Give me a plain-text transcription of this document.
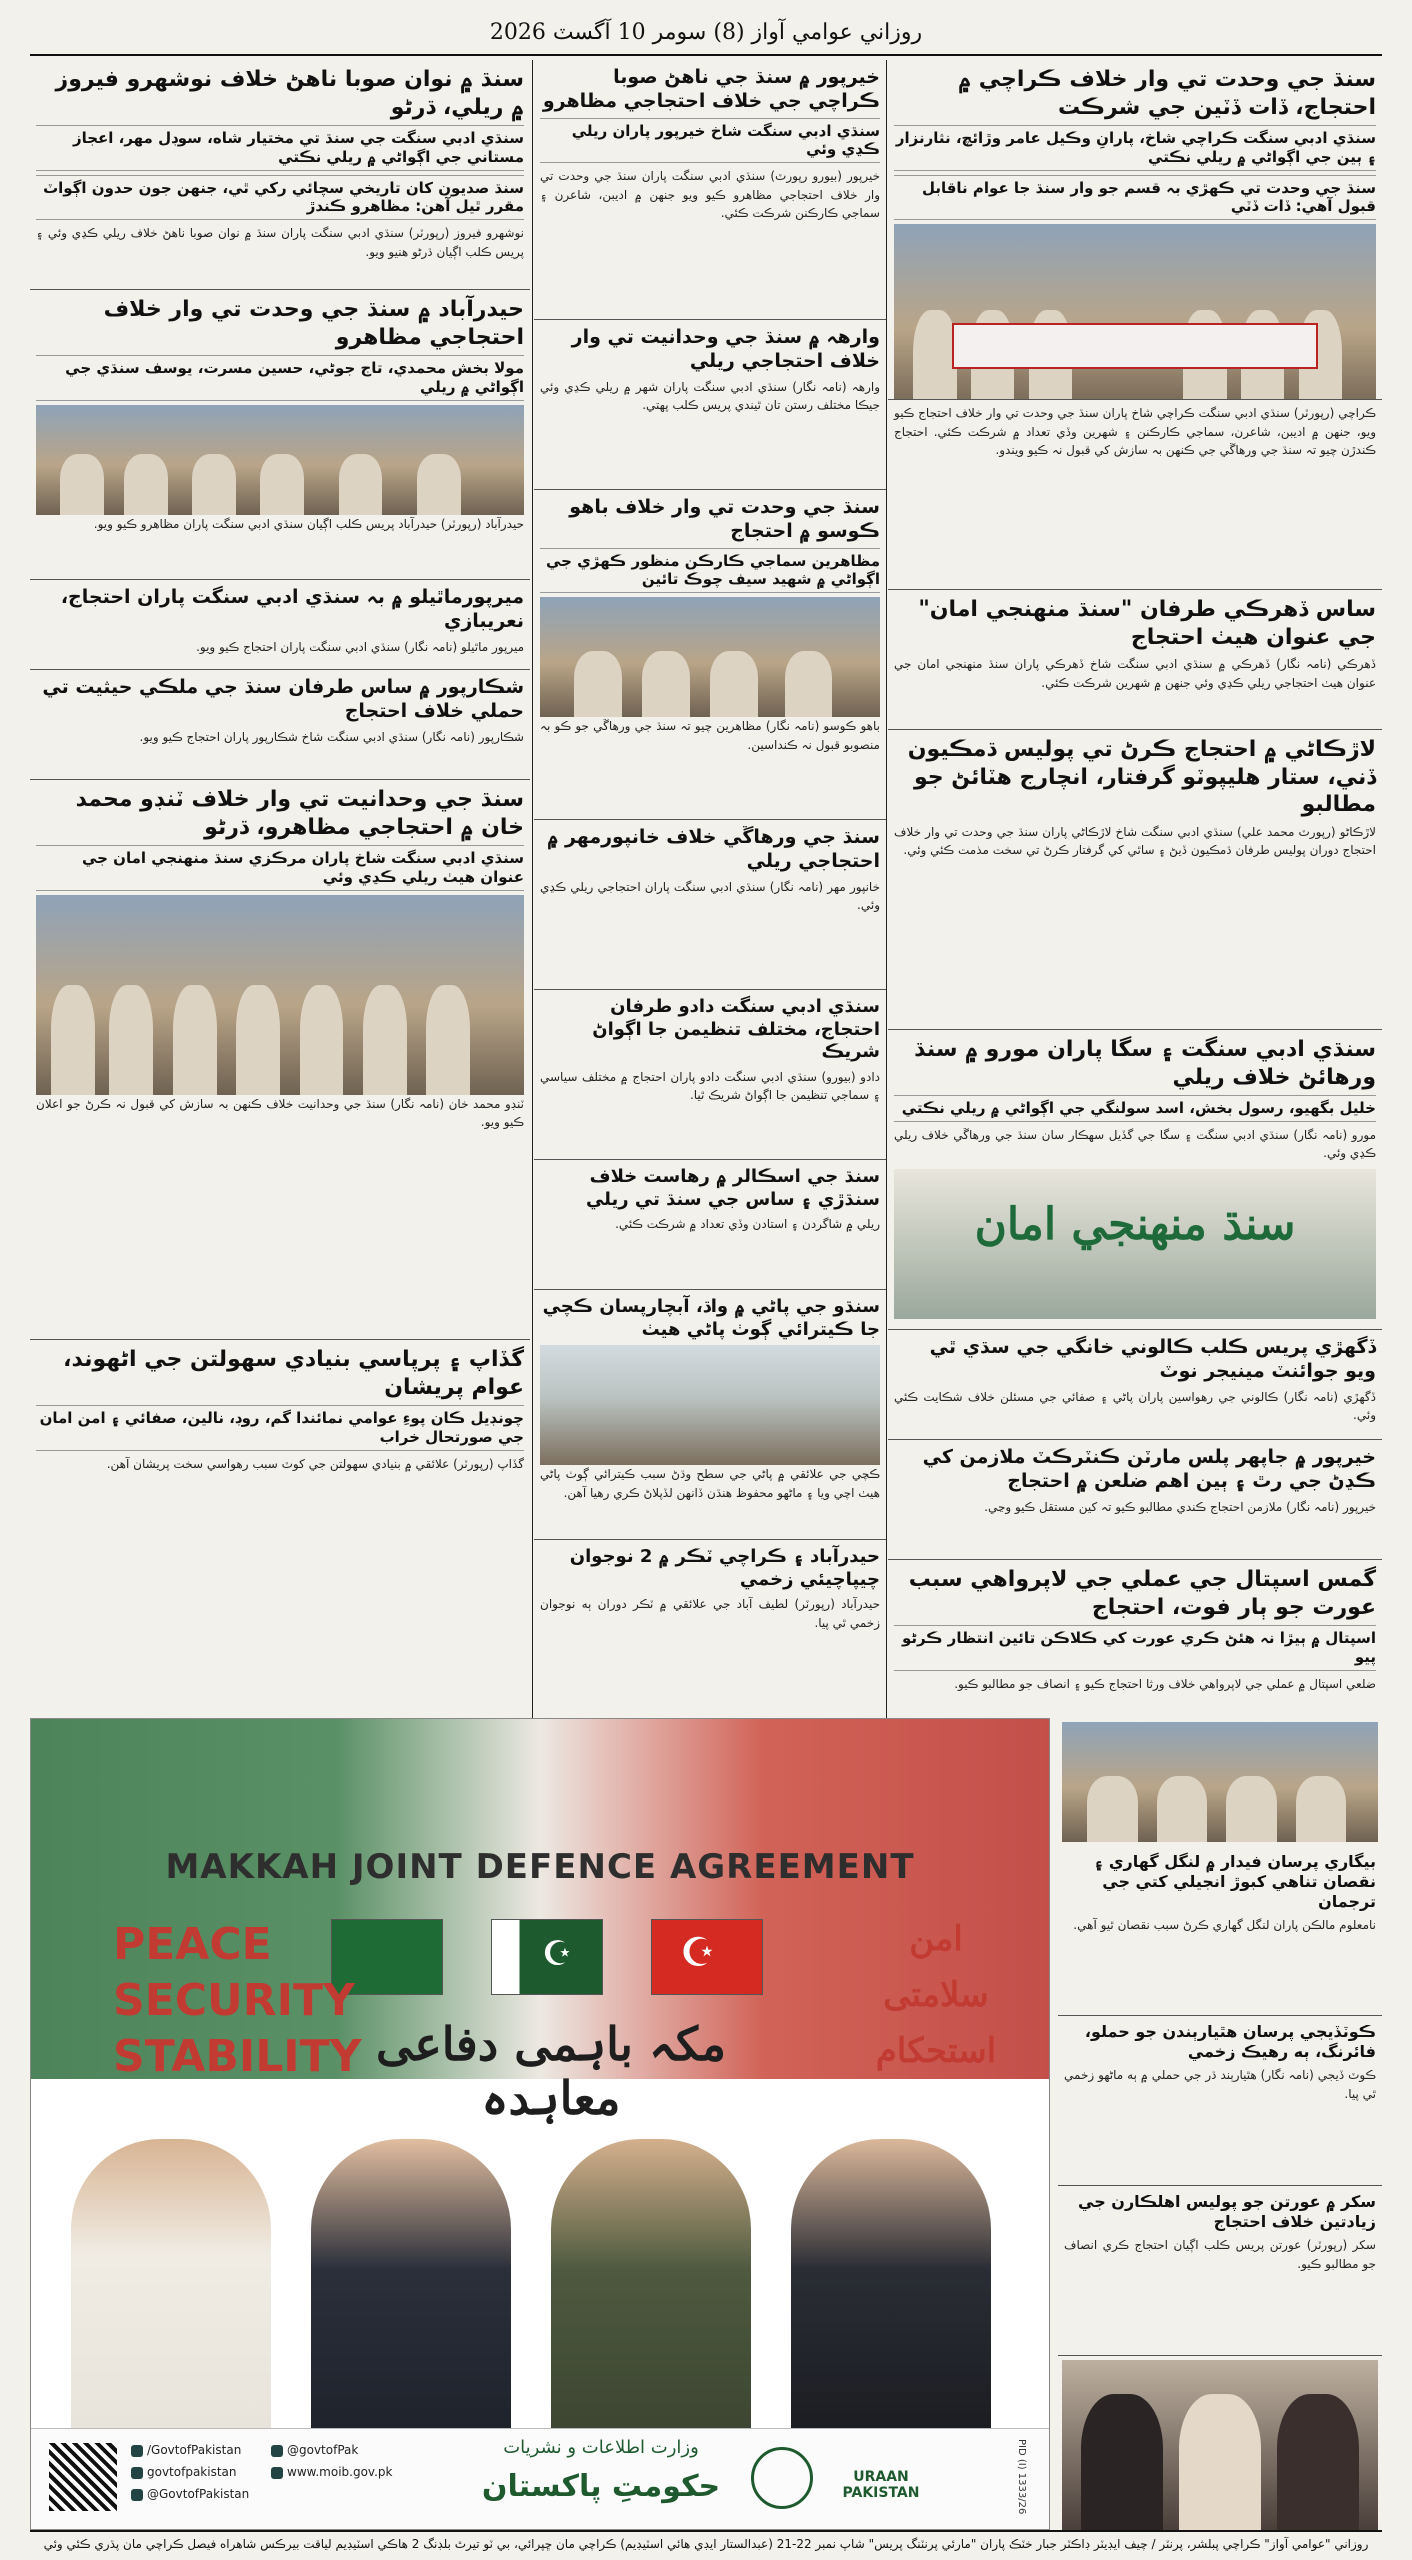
روزاني عوامي آواز (8) سومر 10 آگسٽ 2026
سنڌ جي وحدت تي وار خلاف ڪراچي ۾ احتجاج، ڏات ڏٽين جي شرڪت
سنڌي ادبي سنگت ڪراچي شاخ، پارانِ وڪيل عامر وڙائچ، نثارنزار ۽ ٻين جي اڳواڻي ۾ ريلي نڪتي
سنڌ جي وحدت تي ڪهڙي بہ قسم جو وار سنڌ جا عوام ناقابل قبول آهي: ڏات ڏٽي
ڪراچي (رپورٽر) سنڌي ادبي سنگت ڪراچي شاخ پاران سنڌ جي وحدت تي وار خلاف احتجاج ڪيو ويو، جنهن ۾ اديبن، شاعرن، سماجي ڪارڪنن ۽ شهرين وڏي تعداد ۾ شرڪت ڪئي. احتجاج ڪندڙن چيو تہ سنڌ جي ورهاڱي جي ڪنهن بہ سازش کي قبول نہ ڪيو ويندو.
ساس ڏهرڪي طرفان "سنڌ منهنجي امان" جي عنوان هيٺ احتجاج
ڏهرڪي (نامہ نگار) ڏهرڪي ۾ سنڌي ادبي سنگت شاخ ڏهرڪي پاران سنڌ منهنجي امان جي عنوان هيٺ احتجاجي ريلي ڪڍي وئي جنهن ۾ شهرين شرڪت ڪئي.
لاڙڪاڻي ۾ احتجاج ڪرڻ تي پوليس ڌمڪيون ڏني، ستار هليپوٽو گرفتار، انچارج هٽائڻ جو مطالبو
لاڙڪاڻو (رپورٽ محمد علي) سنڌي ادبي سنگت شاخ لاڙڪاڻي پاران سنڌ جي وحدت تي وار خلاف احتجاج دوران پوليس طرفان ڌمڪيون ڏيڻ ۽ ساٿي کي گرفتار ڪرڻ تي سخت مذمت ڪئي وئي.
سنڌي ادبي سنگت ۽ سگا پاران مورو ۾ سنڌ ورهائڻ خلاف ريلي
خليل بگھيو، رسول بخش، اسد سولنگي جي اڳواڻي ۾ ريلي نڪتي
مورو (نامہ نگار) سنڌي ادبي سنگت ۽ سگا جي گڏيل سهڪار سان سنڌ جي ورهاڱي خلاف ريلي ڪڍي وئي.
سنڌ منهنجي امان
ڏگھڙي پريس ڪلب ڪالوني خانگي جي سڌي ٿي ويو جوائنٽ مينيجر نوٽ
ڏگھڙي (نامہ نگار) ڪالوني جي رهواسين پاران پاڻي ۽ صفائي جي مسئلن خلاف شڪايت ڪئي وئي.
خيرپور ۾ جاپھر پلس مارٽن ڪنٽرڪٽ ملازمن کي ڪڍڻ جي رٿ ۽ ٻين اهم ضلعن ۾ احتجاج
خيرپور (نامہ نگار) ملازمن احتجاج ڪندي مطالبو ڪيو تہ کين مستقل ڪيو وڃي.
گمس اسپتال جي عملي جي لاپرواهي سبب عورت جو ٻار فوت، احتجاج
اسپتال ۾ ٻيڙا نہ هئڻ ڪري عورت کي ڪلاڪن تائين انتظار ڪرڻو پيو
ضلعي اسپتال ۾ عملي جي لاپرواهي خلاف ورثا احتجاج ڪيو ۽ انصاف جو مطالبو ڪيو.
خيرپور ۾ سنڌ جي ناهڻ صوبا ڪراچي جي خلاف احتجاجي مظاهرو
سنڌي ادبي سنگت شاخ خيرپور پاران ريلي ڪڍي وئي
خيرپور (بيورو رپورٽ) سنڌي ادبي سنگت پاران سنڌ جي وحدت تي وار خلاف احتجاجي مظاهرو ڪيو ويو جنهن ۾ اديبن، شاعرن ۽ سماجي ڪارڪنن شرڪت ڪئي.
وارهہ ۾ سنڌ جي وحدانيت تي وار خلاف احتجاجي ريلي
وارهہ (نامہ نگار) سنڌي ادبي سنگت پاران شهر ۾ ريلي ڪڍي وئي جيڪا مختلف رستن تان ٿيندي پريس ڪلب پهتي.
سنڌ جي وحدت تي وار خلاف باهو ڪوسو ۾ احتجاج
مظاهرين سماجي ڪارڪن منظور ڪهڙي جي اڳواڻي ۾ شهيد سيف چوڪ تائين
باهو ڪوسو (نامہ نگار) مظاهرين چيو تہ سنڌ جي ورهاڱي جو ڪو بہ منصوبو قبول نہ ڪنداسين.
سنڌ جي ورهاڱي خلاف خانپورمهر ۾ احتجاجي ريلي
خانپور مهر (نامہ نگار) سنڌي ادبي سنگت پاران احتجاجي ريلي ڪڍي وئي.
سنڌي ادبي سنگت دادو طرفان احتجاج، مختلف تنظيمن جا اڳواڻ شريڪ
دادو (بيورو) سنڌي ادبي سنگت دادو پاران احتجاج ۾ مختلف سياسي ۽ سماجي تنظيمن جا اڳواڻ شريڪ ٿيا.
سنڌ جي اسڪالر ۾ رهاست خلاف سنڌڙي ۽ ساس جي سنڌ تي ريلي
ريلي ۾ شاگردن ۽ استادن وڏي تعداد ۾ شرڪت ڪئي.
سنڌو جي پاڻي ۾ واڌ، آبچارپسان ڪچي جا ڪيترائي ڳوٺ پاڻي هيٺ
ڪچي جي علائقي ۾ پاڻي جي سطح وڌڻ سبب ڪيترائي ڳوٺ پاڻي هيٺ اچي ويا ۽ ماڻهو محفوظ هنڌن ڏانهن لڏپلاڻ ڪري رهيا آهن.
حيدرآباد ۽ ڪراچي ٽڪر ۾ 2 نوجوان چيپاچيئي زخمي
حيدرآباد (رپورٽر) لطيف آباد جي علائقي ۾ ٽڪر دوران ٻه نوجوان زخمي ٿي پيا.
سنڌ ۾ نوان صوبا ناهڻ خلاف نوشهرو فيروز ۾ ريلي، ڌرڻو
سنڌي ادبي سنگت جي سنڌ تي مختيار شاه، سوڊل مهر، اعجاز مستاني جي اڳواڻي ۾ ريلي نڪتي
سنڌ صديون کان تاريخي سچائي رکي ٿي، جنهن جون حدون اڳواٽ مقرر ٿيل آهن: مظاهرو ڪندڙ
نوشهرو فيروز (رپورٽر) سنڌي ادبي سنگت پاران سنڌ ۾ نوان صوبا ناهڻ خلاف ريلي ڪڍي وئي ۽ پريس ڪلب اڳيان ڌرڻو هنيو ويو.
حيدرآباد ۾ سنڌ جي وحدت تي وار خلاف احتجاجي مظاهرو
مولا بخش محمدي، تاج جوڻي، حسين مسرت، يوسف سنڌي جي اڳواڻي ۾ ريلي
حيدرآباد (رپورٽر) حيدرآباد پريس ڪلب اڳيان سنڌي ادبي سنگت پاران مظاهرو ڪيو ويو.
ميرپورماٿيلو ۾ بہ سنڌي ادبي سنگت پاران احتجاج، نعريبازي
ميرپور ماٿيلو (نامہ نگار) سنڌي ادبي سنگت پاران احتجاج ڪيو ويو.
شڪارپور ۾ ساس طرفان سنڌ جي ملڪي حيثيت تي حملي خلاف احتجاج
شڪارپور (نامہ نگار) سنڌي ادبي سنگت شاخ شڪارپور پاران احتجاج ڪيو ويو.
سنڌ جي وحدانيت تي وار خلاف ٽنڊو محمد خان ۾ احتجاجي مظاهرو، ڌرڻو
سنڌي ادبي سنگت شاخ پاران مرڪزي سنڌ منهنجي امان جي عنوان هيٺ ريلي ڪڍي وئي
ٽنڊو محمد خان (نامہ نگار) سنڌ جي وحدانيت خلاف ڪنهن بہ سازش کي قبول نہ ڪرڻ جو اعلان ڪيو ويو.
گڏاپ ۽ پرپاسي بنيادي سهولتن جي اڻهوند، عوام پريشان
چونڊيل ڪان پوءِ عوامي نمائندا گم، روڊ، نالين، صفائي ۽ امن امان جي صورتحال خراب
گڏاپ (رپورٽر) علائقي ۾ بنيادي سهولتن جي کوٽ سبب رهواسي سخت پريشان آهن.
MAKKAH JOINT DEFENCE AGREEMENT
☪	☪
PEACE
SECURITY
STABILITY مکہ باہمی دفاعی معاہدہ
امن
سلامتی
استحکام
/GovtofPakistan
govtofpakistan
@GovtofPakistan
@govtofPak
www.moib.gov.pk
وزارت اطلاعات و نشریات
حکومتِ پاکستان	URAAN PAKISTAN	PID (I) 1333/26
بيگاري پرسان فيدار ۾ لنگل گهاري ۽ نقصان تناهي کبوڙ انجيلي کتي جي ترجمان
نامعلوم مالڪن پاران لنگل گهاري ڪرڻ سبب نقصان ٿيو آهي.
ڪوٽڏيجي پرسان هٿيارٻندن جو حملو، فائرنگ، ٻه رهيڪ زخمي
ڪوٽ ڏيجي (نامہ نگار) هٿيارٻند ڌر جي حملي ۾ ٻه ماڻهو زخمي ٿي پيا.
سکر ۾ عورتن جو پوليس اهلڪارن جي زيادتين خلاف احتجاج
سکر (رپورٽر) عورتن پريس ڪلب اڳيان احتجاج ڪري انصاف جو مطالبو ڪيو.
روزاني "عوامي آواز" ڪراچي پبلشر، پرنٽر / چيف ايڊيٽر ڊاڪٽر جبار خٽڪ پاران "مارئي پرنٽنگ پريس" شاپ نمبر 22-21 (عبدالستار ايڊي هائي اسٽيڊيم) ڪراچي مان ڇپرائي، بي ٽو تيرٿ بلڊنگ 2 هاڪي اسٽيڊيم لياقت بيرڪس شاهراه فيصل ڪراچي مان پڌري ڪئي وئي
